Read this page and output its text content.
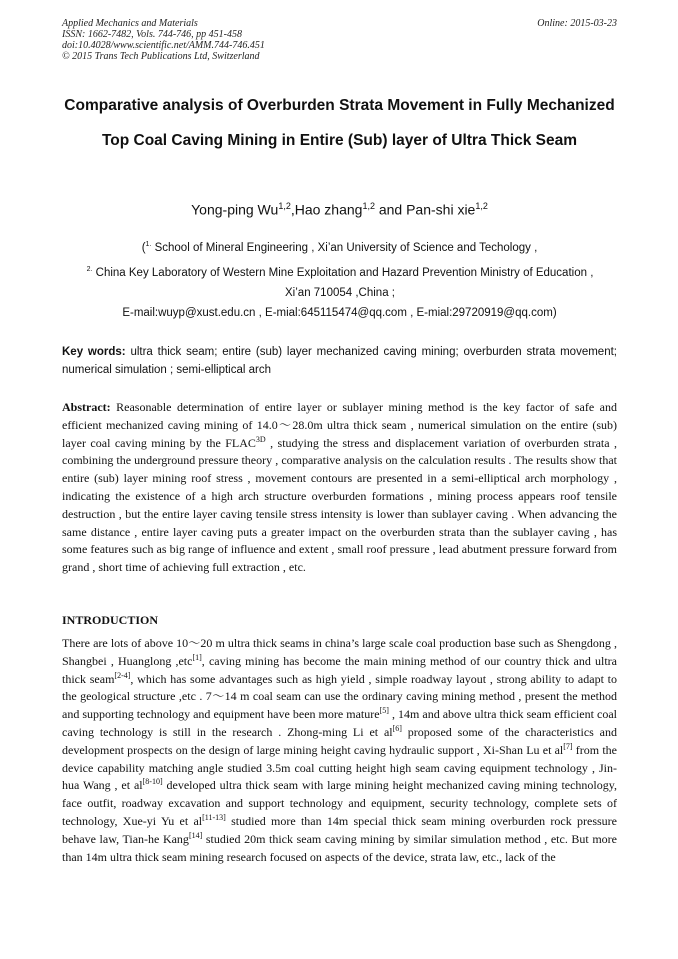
Applied Mechanics and Materials
ISSN: 1662-7482, Vols. 744-746, pp 451-458
doi:10.4028/www.scientific.net/AMM.744-746.451
© 2015 Trans Tech Publications Ltd, Switzerland
Online: 2015-03-23
Comparative analysis of Overburden Strata Movement in Fully Mechanized Top Coal Caving Mining in Entire (Sub) layer of Ultra Thick Seam
Yong-ping Wu$^{1,2}$,Hao zhang$^{1,2}$ and Pan-shi xie$^{1,2}$
($^{1.}$ School of Mineral Engineering , Xi’an University of Science and Techology ,
$^{2.}$ China Key Laboratory of Western Mine Exploitation and Hazard Prevention Ministry of Education , Xi’an 710054 ,China ;
E-mail:wuyp@xust.edu.cn , E-mial:645115474@qq.com , E-mial:29720919@qq.com)
Key words: ultra thick seam; entire (sub) layer mechanized caving mining; overburden strata movement; numerical simulation ; semi-elliptical arch
Abstract: Reasonable determination of entire layer or sublayer mining method is the key factor of safe and efficient mechanized caving mining of 14.0～28.0m ultra thick seam , numerical simulation on the entire (sub) layer coal caving mining by the FLAC$^{3D}$ , studying the stress and displacement variation of overburden strata , combining the underground pressure theory , comparative analysis on the calculation results . The results show that entire (sub) layer mining roof stress , movement contours are presented in a semi-elliptical arch morphology , indicating the existence of a high arch structure overburden formations , mining process appears roof tensile destruction , but the entire layer caving tensile stress intensity is lower than sublayer caving . When advancing the same distance , entire layer caving puts a greater impact on the overburden strata than the sublayer caving , has some features such as big range of influence and extent , small roof pressure , lead abutment pressure forward from grand , short time of achieving full extraction , etc.
INTRODUCTION
There are lots of above 10～20 m ultra thick seams in china’s large scale coal production base such as Shengdong , Shangbei , Huanglong ,etc[1], caving mining has become the main mining method of our country thick and ultra thick seam[2-4], which has some advantages such as high yield , simple roadway layout , strong ability to adapt to the geological structure ,etc . 7～14 m coal seam can use the ordinary caving mining method , present the method and supporting technology and equipment have been more mature[5] , 14m and above ultra thick seam efficient coal caving technology is still in the research . Zhong-ming Li et al[6] proposed some of the characteristics and development prospects on the design of large mining height caving hydraulic support , Xi-Shan Lu et al[7] from the device capability matching angle studied 3.5m coal cutting height high seam caving equipment technology , Jin-hua Wang , et al[8-10] developed ultra thick seam with large mining height mechanized caving mining technology, face outfit, roadway excavation and support technology and equipment, security technology, complete sets of technology, Xue-yi Yu et al[11-13] studied more than 14m special thick seam mining overburden rock pressure behave law, Tian-he Kang[14] studied 20m thick seam caving mining by similar simulation method , etc. But more than 14m ultra thick seam mining research focused on aspects of the device, strata law, etc., lack of the
